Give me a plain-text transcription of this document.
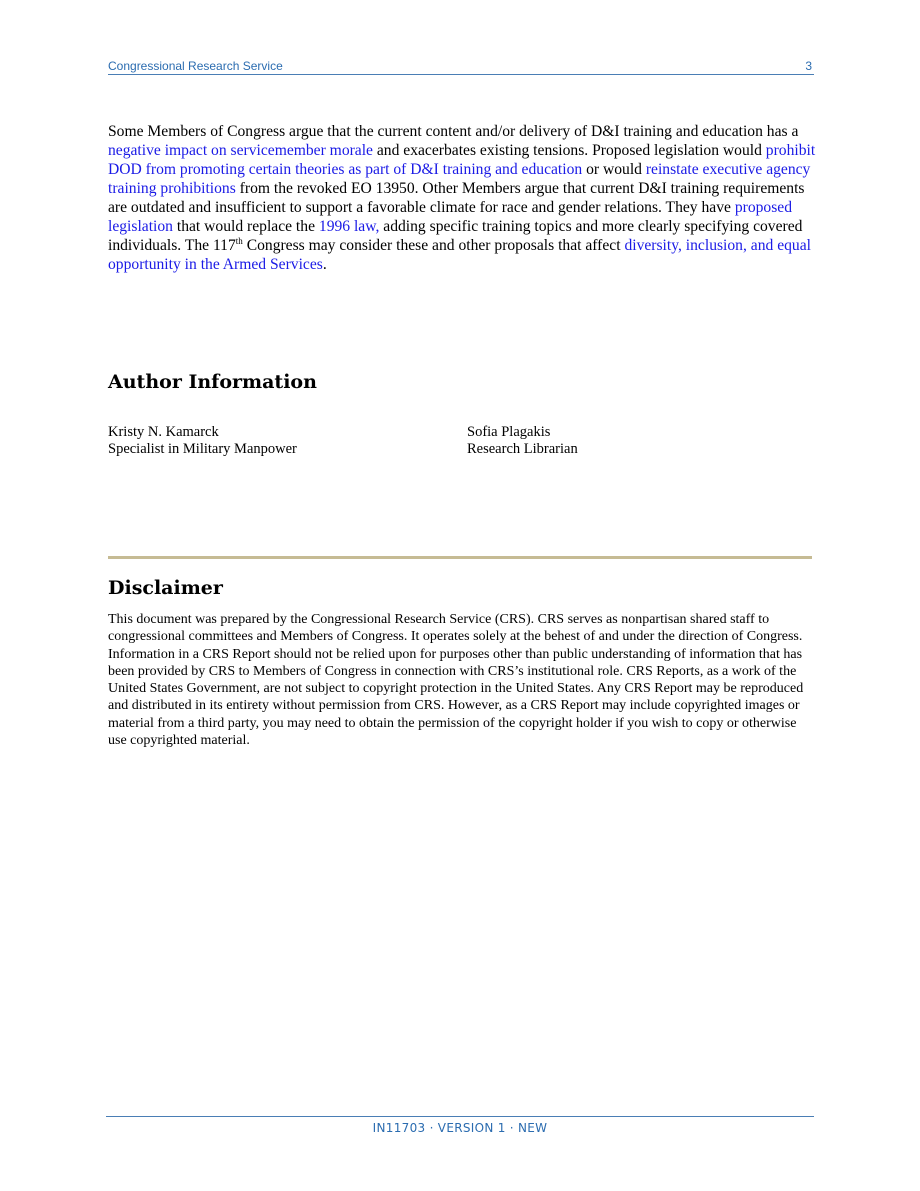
Congressional Research Service	3
Some Members of Congress argue that the current content and/or delivery of D&I training and education has a negative impact on servicemember morale and exacerbates existing tensions. Proposed legislation would prohibit DOD from promoting certain theories as part of D&I training and education or would reinstate executive agency training prohibitions from the revoked EO 13950. Other Members argue that current D&I training requirements are outdated and insufficient to support a favorable climate for race and gender relations. They have proposed legislation that would replace the 1996 law, adding specific training topics and more clearly specifying covered individuals. The 117th Congress may consider these and other proposals that affect diversity, inclusion, and equal opportunity in the Armed Services.
Author Information
Kristy N. Kamarck
Specialist in Military Manpower
Sofia Plagakis
Research Librarian
Disclaimer
This document was prepared by the Congressional Research Service (CRS). CRS serves as nonpartisan shared staff to congressional committees and Members of Congress. It operates solely at the behest of and under the direction of Congress. Information in a CRS Report should not be relied upon for purposes other than public understanding of information that has been provided by CRS to Members of Congress in connection with CRS’s institutional role. CRS Reports, as a work of the United States Government, are not subject to copyright protection in the United States. Any CRS Report may be reproduced and distributed in its entirety without permission from CRS. However, as a CRS Report may include copyrighted images or material from a third party, you may need to obtain the permission of the copyright holder if you wish to copy or otherwise use copyrighted material.
IN11703 · VERSION 1 · NEW
